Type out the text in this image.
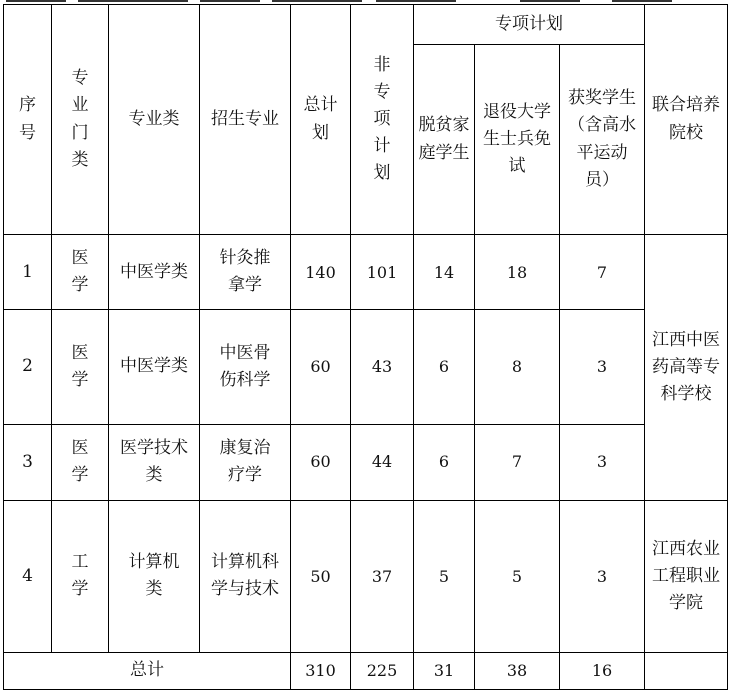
序号	专业门类	专业类	招生专业	总计划	非专项计划	专项计划			联合培养院校
						脱贫家庭学生	退役大学生士兵免试	获奖学生（含高水平运动员）	
1	医学	中医学类	针灸推拿学	140	101	14	18	7	江西中医药高等专科学校
2	医学	中医学类	中医骨伤科学	60	43	6	8	3	
3	医学	医学技术类	康复治疗学	60	44	6	7	3	
4	工学	计算机类	计算机科学与技术	50	37	5	5	3	江西农业工程职业学院
总计				310	225	31	38	16	
